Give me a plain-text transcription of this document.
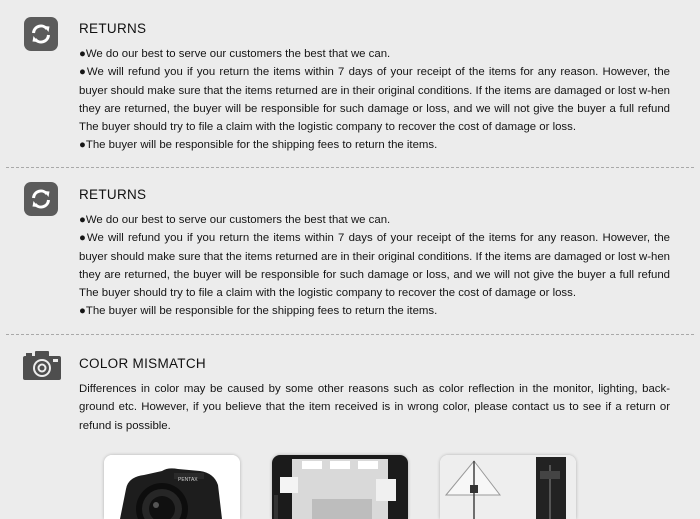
RETURNS

●We do our best to serve our customers the best that we can.

●We will refund you if you return the items within 7 days of your receipt of the items for any reason. However, the buyer should make sure that the items returned are in their original conditions. If the items are damaged or lost w-hen they are returned, the buyer will be responsible for such damage or loss, and we will not give the buyer a full refund The buyer should try to file a claim with the logistic company to recover the cost of damage or loss.

●The buyer will be responsible for the shipping fees to return the items.

RETURNS

●We do our best to serve our customers the best that we can.

●We will refund you if you return the items within 7 days of your receipt of the items for any reason. However, the buyer should make sure that the items returned are in their original conditions. If the items are damaged or lost w-hen they are returned, the buyer will be responsible for such damage or loss, and we will not give the buyer a full refund The buyer should try to file a claim with the logistic company to recover the cost of damage or loss.

●The buyer will be responsible for the shipping fees to return the items.

COLOR MISMATCH

Differences in color may be caused by some other reasons such as color reflection in the monitor, lighting, back-ground etc. However, if you believe that the item received is in wrong color, please contact us to see if a return or refund is possible.

PENTAX
